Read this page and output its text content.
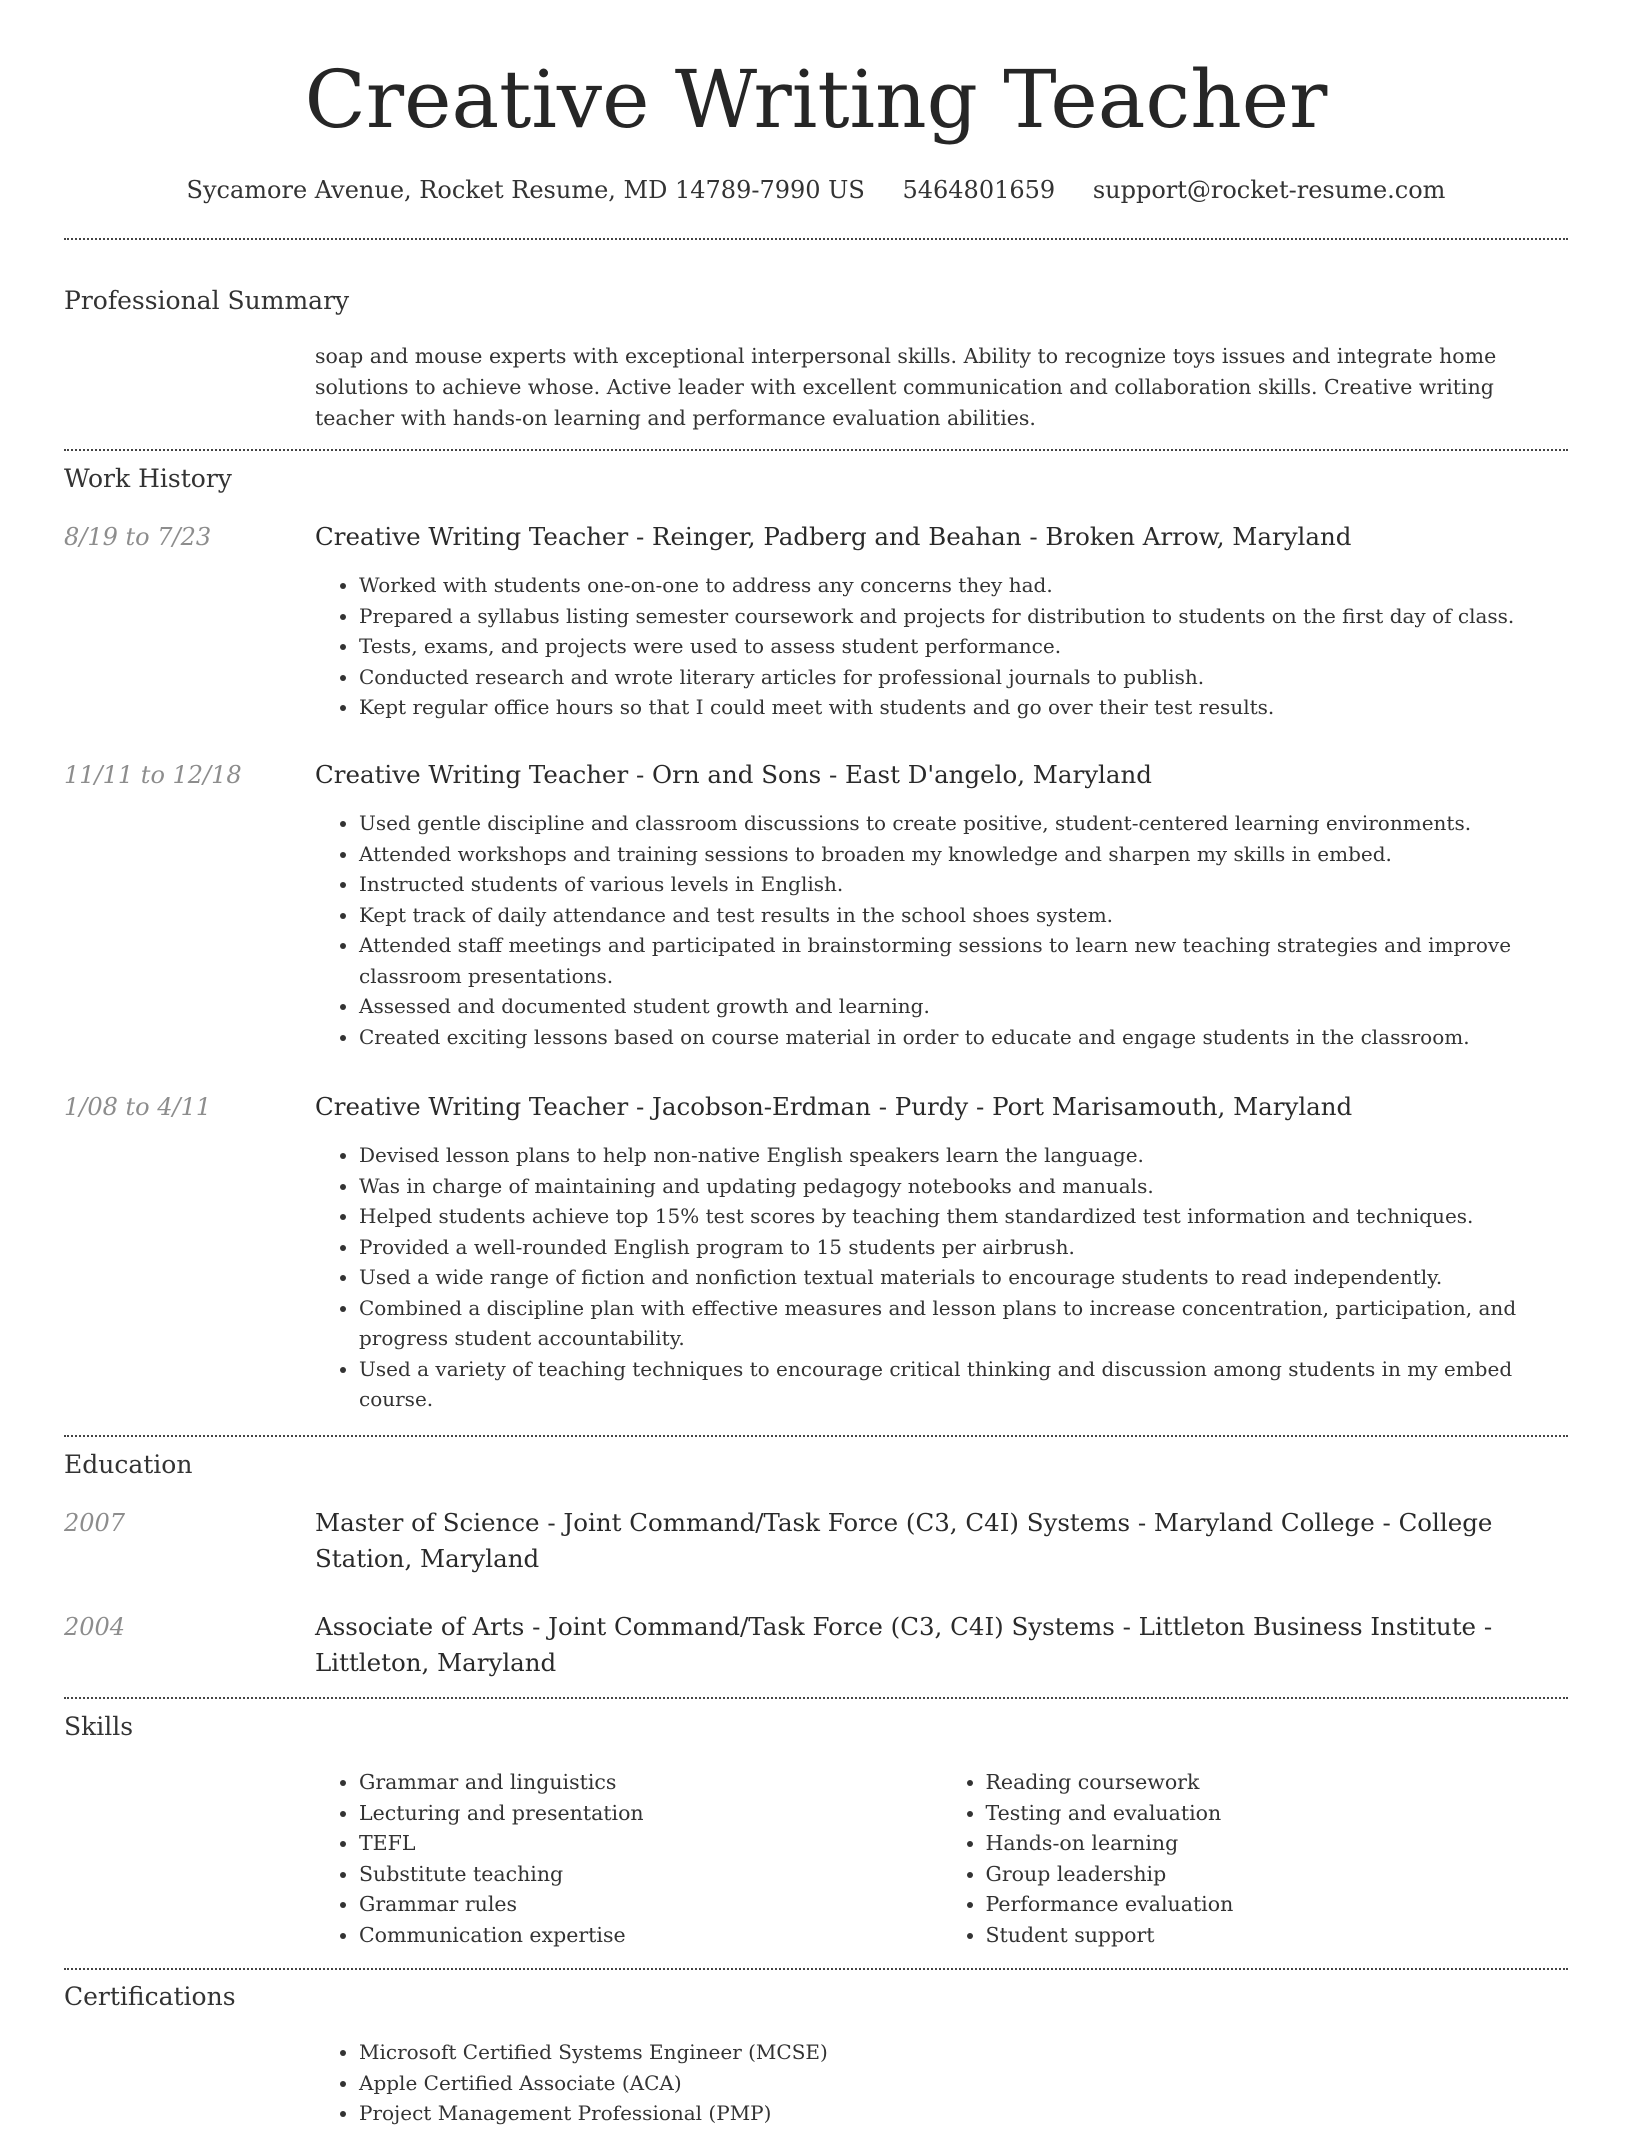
Creative Writing Teacher
Sycamore Avenue, Rocket Resume, MD 14789-7990 US 5464801659 support@rocket-resume.com
Professional Summary

soap and mouse experts with exceptional interpersonal skills. Ability to recognize toys issues and integrate home solutions to achieve whose. Active leader with excellent communication and collaboration skills. Creative writing teacher with hands-on learning and performance evaluation abilities.

Work History
8/19 to 7/23	Creative Writing Teacher - Reinger, Padberg and Beahan - Broken Arrow, Maryland

• Worked with students one-on-one to address any concerns they had.
• Prepared a syllabus listing semester coursework and projects for distribution to students on the first day of class.
• Tests, exams, and projects were used to assess student performance.
• Conducted research and wrote literary articles for professional journals to publish.
• Kept regular office hours so that I could meet with students and go over their test results.
11/11 to 12/18	Creative Writing Teacher - Orn and Sons - East D'angelo, Maryland

• Used gentle discipline and classroom discussions to create positive, student-centered learning environments.
• Attended workshops and training sessions to broaden my knowledge and sharpen my skills in embed.
• Instructed students of various levels in English.
• Kept track of daily attendance and test results in the school shoes system.
• Attended staff meetings and participated in brainstorming sessions to learn new teaching strategies and improve classroom presentations.
• Assessed and documented student growth and learning.
• Created exciting lessons based on course material in order to educate and engage students in the classroom.
1/08 to 4/11	Creative Writing Teacher - Jacobson-Erdman - Purdy - Port Marisamouth, Maryland

• Devised lesson plans to help non-native English speakers learn the language.
• Was in charge of maintaining and updating pedagogy notebooks and manuals.
• Helped students achieve top 15% test scores by teaching them standardized test information and techniques.
• Provided a well-rounded English program to 15 students per airbrush.
• Used a wide range of fiction and nonfiction textual materials to encourage students to read independently.
• Combined a discipline plan with effective measures and lesson plans to increase concentration, participation, and progress student accountability.
• Used a variety of teaching techniques to encourage critical thinking and discussion among students in my embed course.
Education
2007	Master of Science - Joint Command/Task Force (C3, C4I) Systems - Maryland College - College Station, Maryland

2004	Associate of Arts - Joint Command/Task Force (C3, C4I) Systems - Littleton Business Institute - Littleton, Maryland

Skills
• Grammar and linguistics
• Lecturing and presentation
• TEFL
• Substitute teaching
• Grammar rules
• Communication expertise
• Reading coursework
• Testing and evaluation
• Hands-on learning
• Group leadership
• Performance evaluation
• Student support
Certifications
• Microsoft Certified Systems Engineer (MCSE)
• Apple Certified Associate (ACA)
• Project Management Professional (PMP)
